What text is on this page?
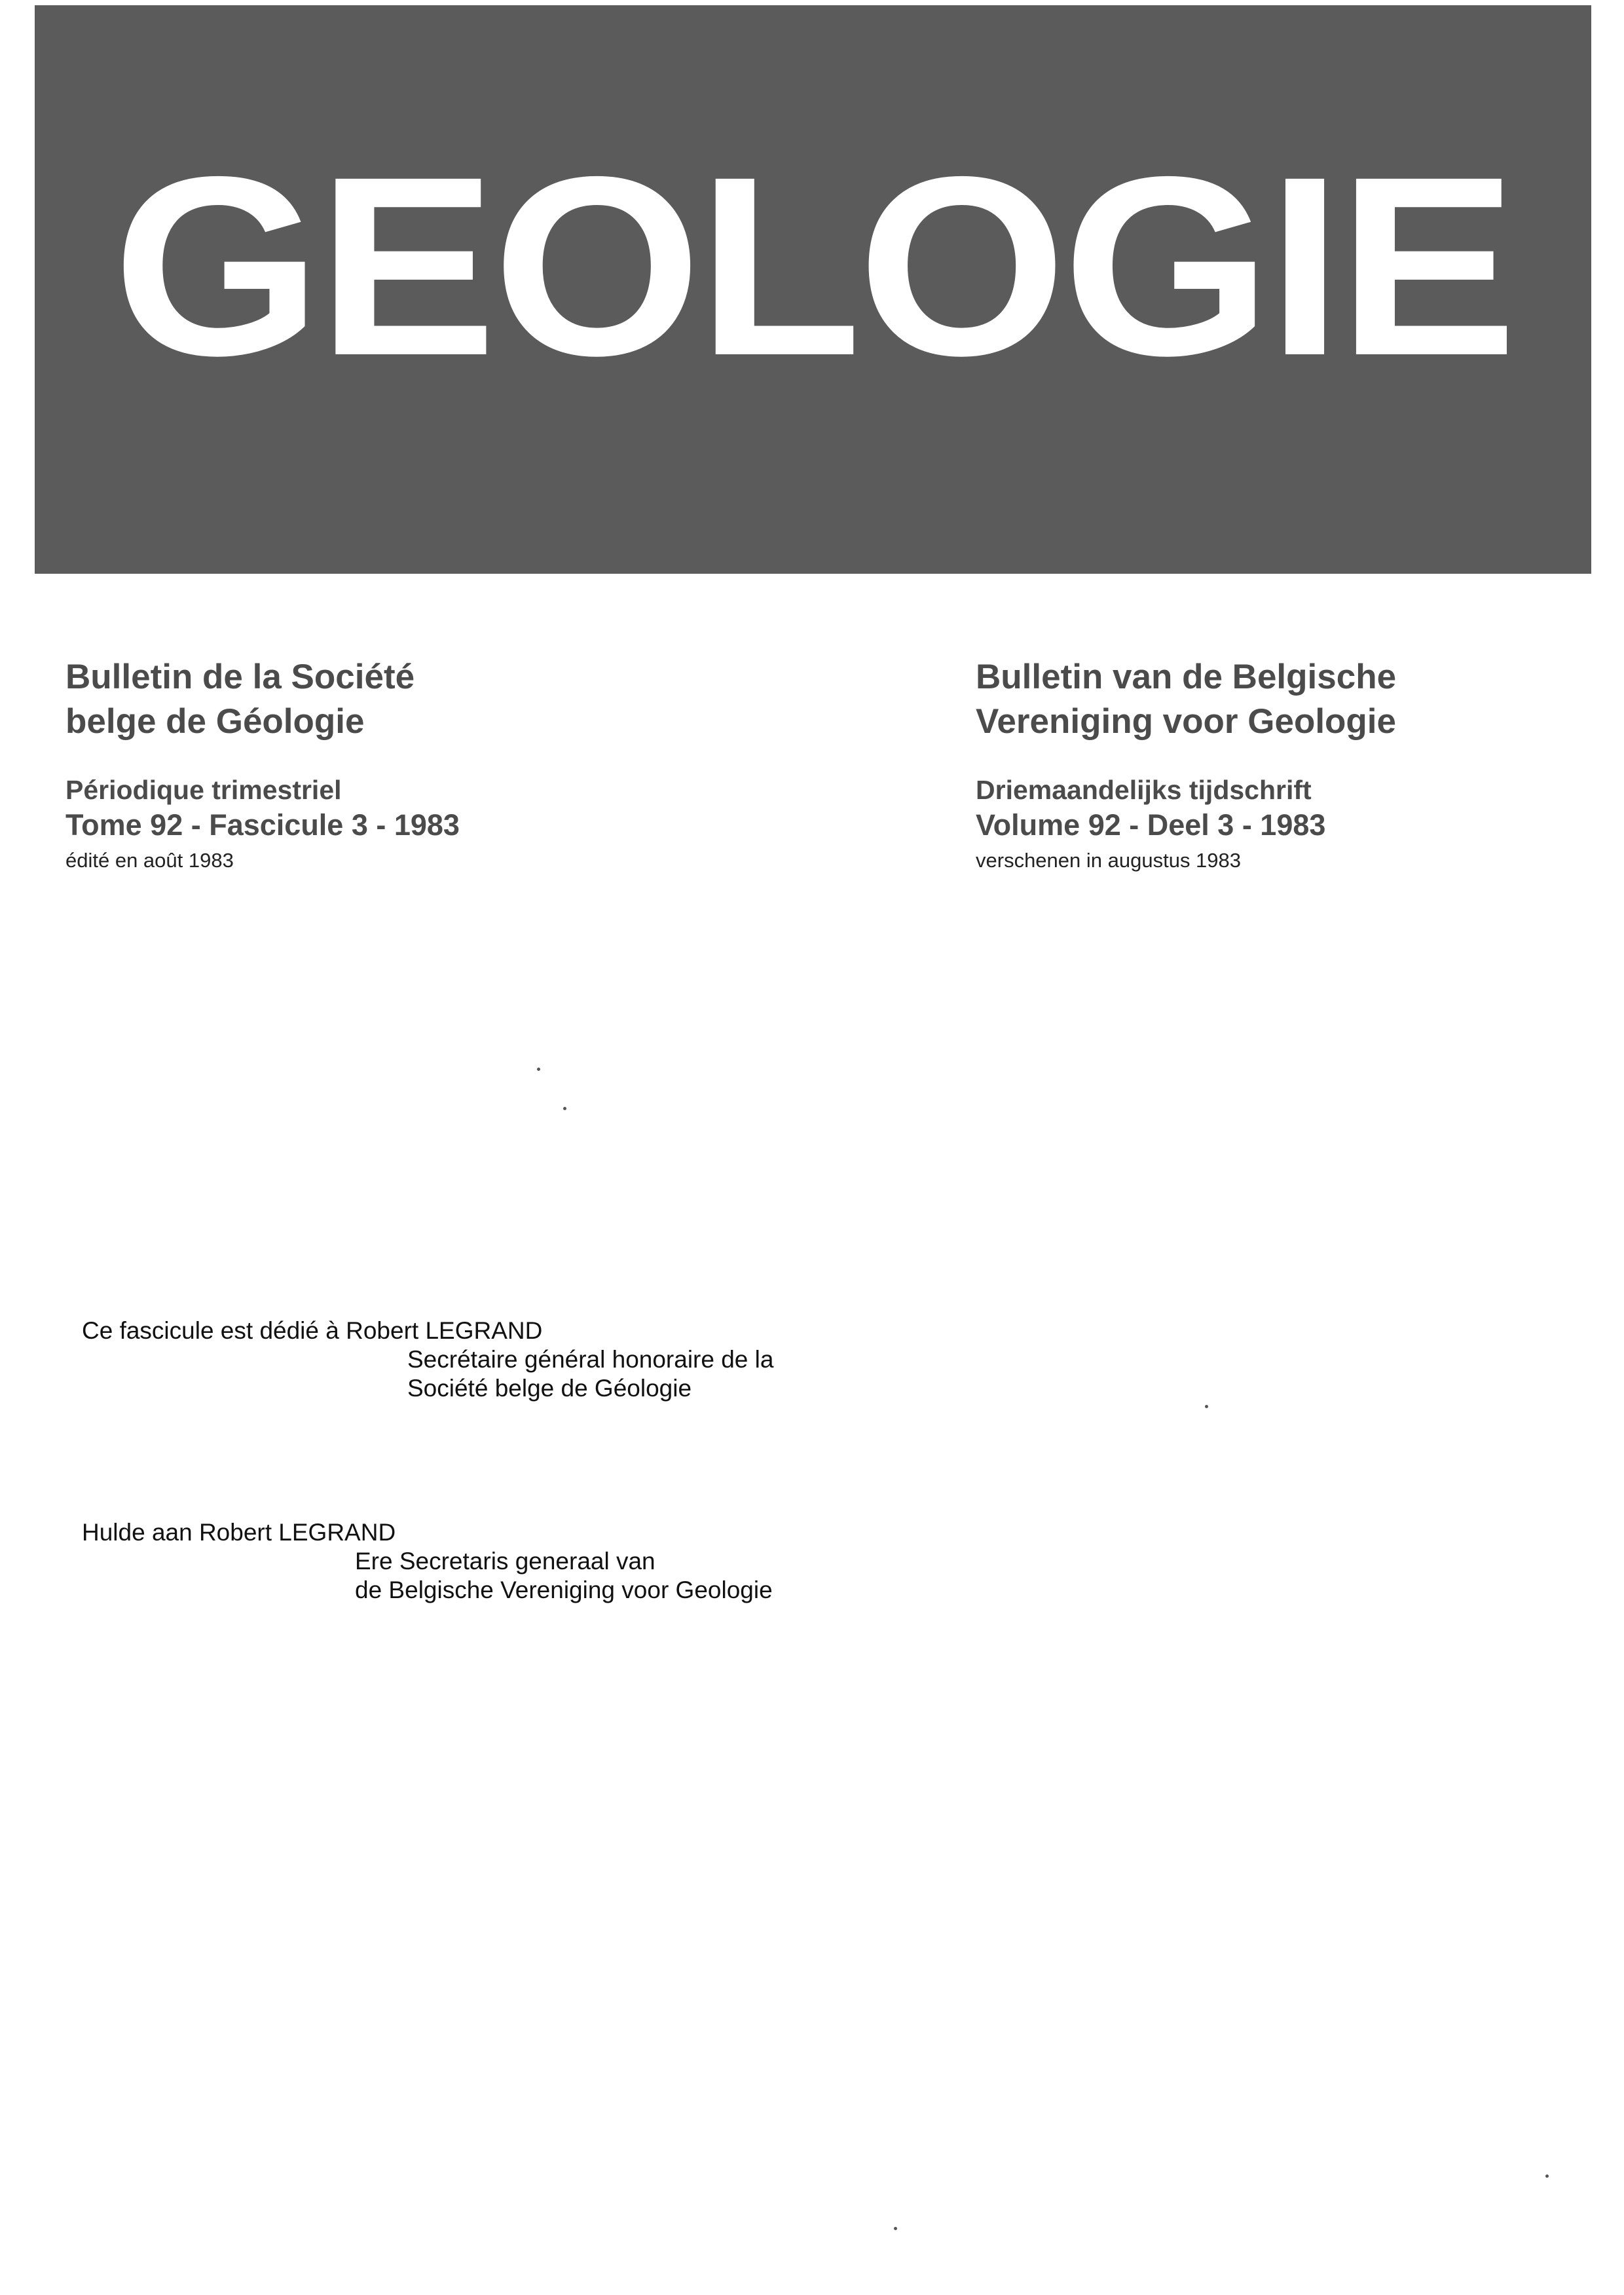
GEOLOGIE

Bulletin de la Société

belge de Géologie

Périodique trimestriel

Tome 92 - Fascicule 3 - 1983

édité en août 1983

Bulletin van de Belgische

Vereniging voor Geologie

Driemaandelijks tijdschrift

Volume 92 - Deel 3 - 1983

verschenen in augustus 1983

Ce fascicule est dédié à Robert LEGRAND

Secrétaire général honoraire de la

Société belge de Géologie

Hulde aan Robert LEGRAND

Ere Secretaris generaal van

de Belgische Vereniging voor Geologie
